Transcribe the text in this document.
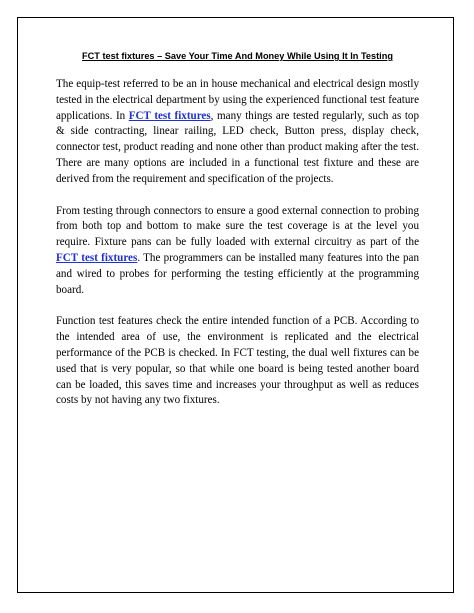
FCT test fixtures – Save Your Time And Money While Using It In Testing

The equip-test referred to be an in house mechanical and electrical design mostly tested in the electrical department by using the experienced functional test feature applications. In FCT test fixtures, many things are tested regularly, such as top & side contracting, linear railing, LED check, Button press, display check, connector test, product reading and none other than product making after the test. There are many options are included in a functional test fixture and these are derived from the requirement and specification of the projects.

From testing through connectors to ensure a good external connection to probing from both top and bottom to make sure the test coverage is at the level you require. Fixture pans can be fully loaded with external circuitry as part of the FCT test fixtures. The programmers can be installed many features into the pan and wired to probes for performing the testing efficiently at the programming board.

Function test features check the entire intended function of a PCB. According to the intended area of use, the environment is replicated and the electrical performance of the PCB is checked. In FCT testing, the dual well fixtures can be used that is very popular, so that while one board is being tested another board can be loaded, this saves time and increases your throughput as well as reduces costs by not having any two fixtures.
